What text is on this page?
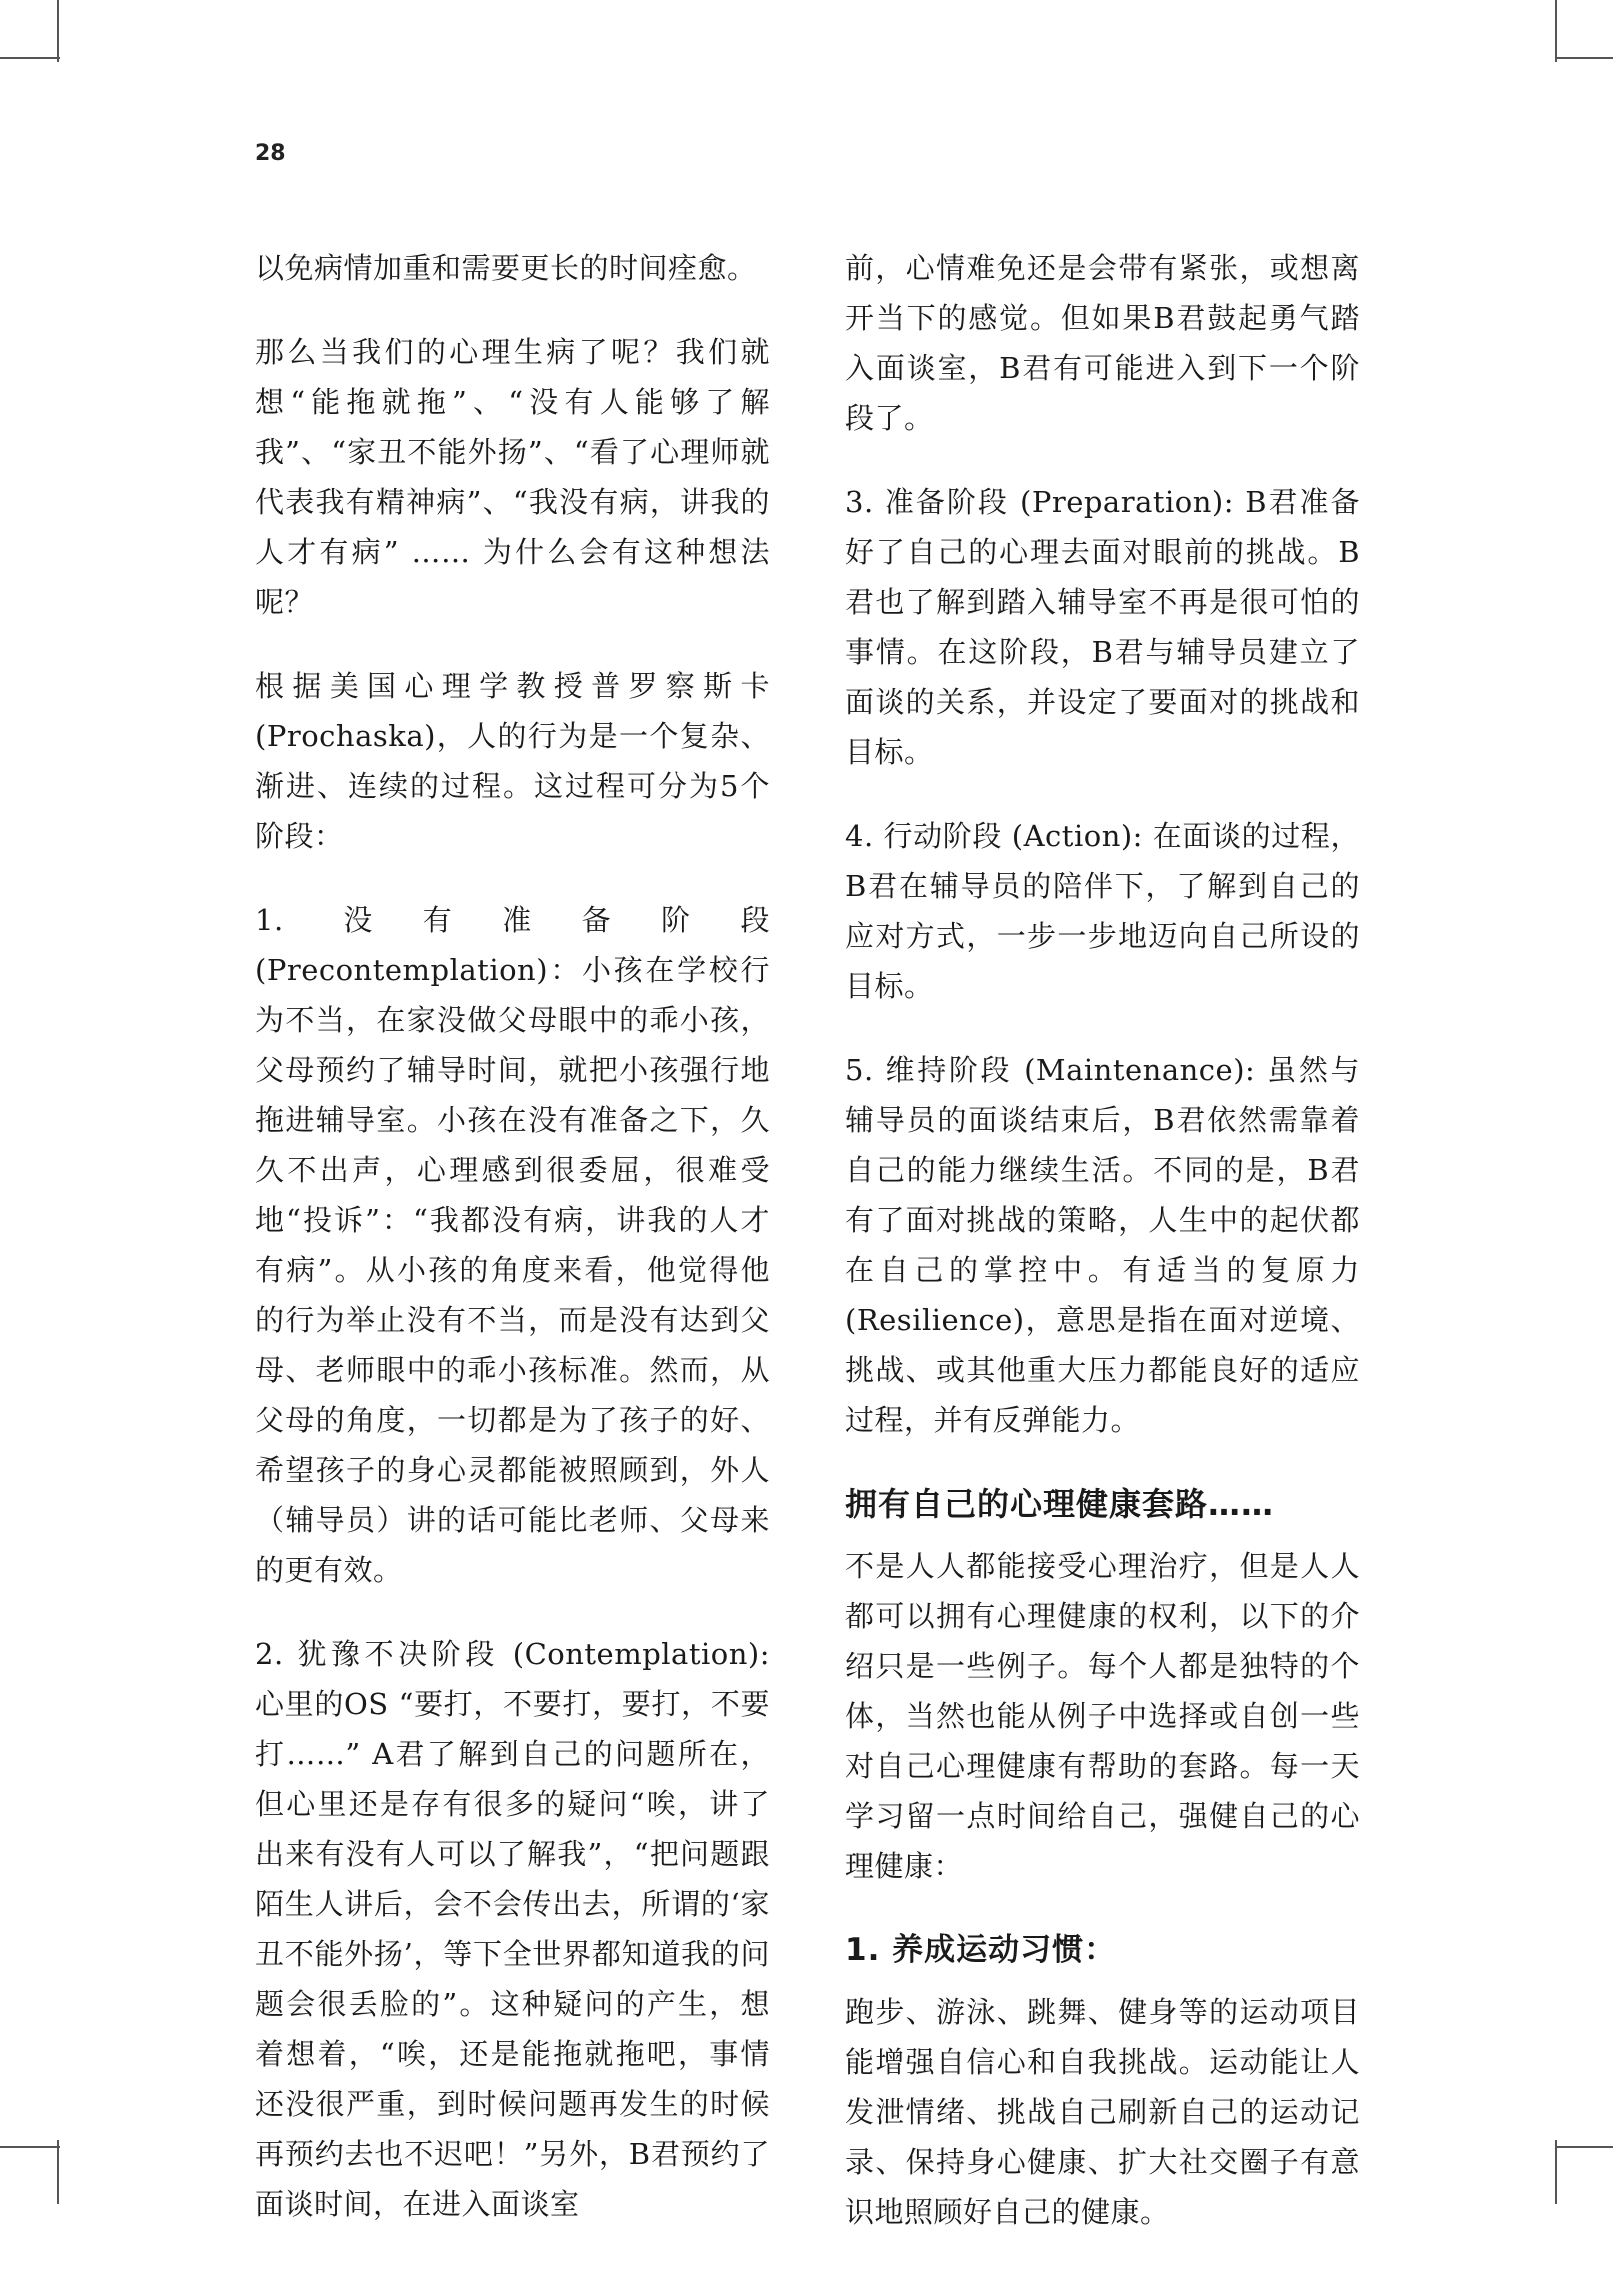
28

以免病情加重和需要更长的时间痊愈。

那么当我们的心理生病了呢？我们就想“能拖就拖”、“没有人能够了解我”、“家丑不能外扬”、“看了心理师就代表我有精神病”、“我没有病，讲我的人才有病” …… 为什么会有这种想法呢？

根据美国心理学教授普罗察斯卡(Prochaska)，人的行为是一个复杂、渐进、连续的过程。这过程可分为5个阶段：

1. 没有准备阶段 (Precontemplation)：小孩在学校行为不当，在家没做父母眼中的乖小孩，父母预约了辅导时间，就把小孩强行地拖进辅导室。小孩在没有准备之下，久久不出声，心理感到很委屈，很难受地“投诉”：“我都没有病，讲我的人才有病”。从小孩的角度来看，他觉得他的行为举止没有不当，而是没有达到父母、老师眼中的乖小孩标准。然而，从父母的角度，一切都是为了孩子的好、希望孩子的身心灵都能被照顾到，外人（辅导员）讲的话可能比老师、父母来的更有效。

2. 犹豫不决阶段 (Contemplation): 心里的OS “要打，不要打，要打，不要打……” A君了解到自己的问题所在，但心里还是存有很多的疑问“唉，讲了出来有没有人可以了解我”，“把问题跟陌生人讲后，会不会传出去，所谓的‘家丑不能外扬’，等下全世界都知道我的问题会很丢脸的”。这种疑问的产生，想着想着，“唉，还是能拖就拖吧，事情还没很严重，到时候问题再发生的时候再预约去也不迟吧！”另外，B君预约了面谈时间，在进入面谈室

前，心情难免还是会带有紧张，或想离开当下的感觉。但如果B君鼓起勇气踏入面谈室，B君有可能进入到下一个阶段了。

3. 准备阶段 (Preparation): B君准备好了自己的心理去面对眼前的挑战。B君也了解到踏入辅导室不再是很可怕的事情。在这阶段，B君与辅导员建立了面谈的关系，并设定了要面对的挑战和目标。

4. 行动阶段 (Action): 在面谈的过程，B君在辅导员的陪伴下，了解到自己的应对方式，一步一步地迈向自己所设的目标。

5. 维持阶段 (Maintenance): 虽然与辅导员的面谈结束后，B君依然需靠着自己的能力继续生活。不同的是，B君有了面对挑战的策略，人生中的起伏都在自己的掌控中。有适当的复原力 (Resilience)，意思是指在面对逆境、挑战、或其他重大压力都能良好的适应过程，并有反弹能力。

拥有自己的心理健康套路……

不是人人都能接受心理治疗，但是人人都可以拥有心理健康的权利，以下的介绍只是一些例子。每个人都是独特的个体，当然也能从例子中选择或自创一些对自己心理健康有帮助的套路。每一天学习留一点时间给自己，强健自己的心理健康：

1. 养成运动习惯：

跑步、游泳、跳舞、健身等的运动项目能增强自信心和自我挑战。运动能让人发泄情绪、挑战自己刷新自己的运动记录、保持身心健康、扩大社交圈子有意识地照顾好自己的健康。
